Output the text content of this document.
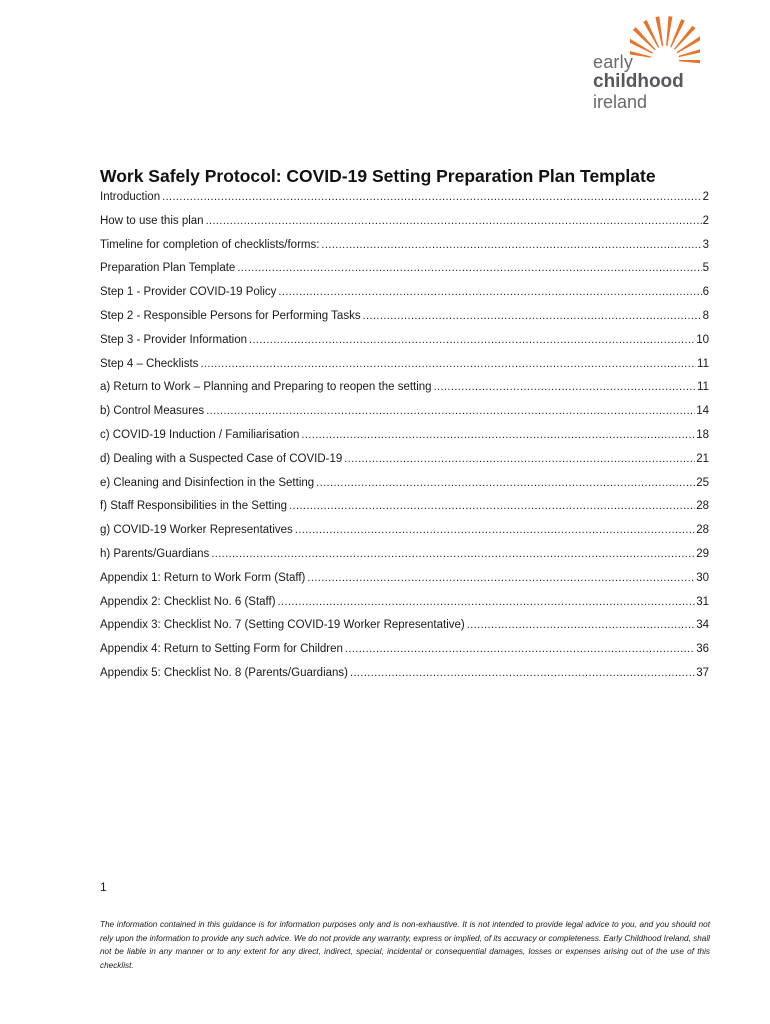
early
childhood
ireland
Work Safely Protocol: COVID-19 Setting Preparation Plan Template
Introduction .....	2
How to use this plan .....	2
Timeline for completion of checklists/forms: .....	3
Preparation Plan Template .....	5
Step 1 - Provider COVID-19 Policy .....	6
Step 2 - Responsible Persons for Performing Tasks .....	8
Step 3 - Provider Information .....	10
Step 4 – Checklists .....	11
a) Return to Work – Planning and Preparing to reopen the setting .....	11
b) Control Measures .....	14
c) COVID-19 Induction / Familiarisation .....	18
d) Dealing with a Suspected Case of COVID-19 .....	21
e) Cleaning and Disinfection in the Setting .....	25
f) Staff Responsibilities in the Setting .....	28
g) COVID-19 Worker Representatives .....	28
h) Parents/Guardians .....	29
Appendix 1: Return to Work Form (Staff) .....	30
Appendix 2: Checklist No. 6 (Staff) .....	31
Appendix 3: Checklist No. 7 (Setting COVID-19 Worker Representative) .....	34
Appendix 4: Return to Setting Form for Children .....	36
Appendix 5: Checklist No. 8 (Parents/Guardians) .....	37
1

The information contained in this guidance is for information purposes only and is non-exhaustive. It is not intended to provide legal advice to you, and you should not rely upon the information to provide any such advice. We do not provide any warranty, express or implied, of its accuracy or completeness. Early Childhood Ireland, shall not be liable in any manner or to any extent for any direct, indirect, special, incidental or consequential damages, losses or expenses arising out of the use of this checklist.
